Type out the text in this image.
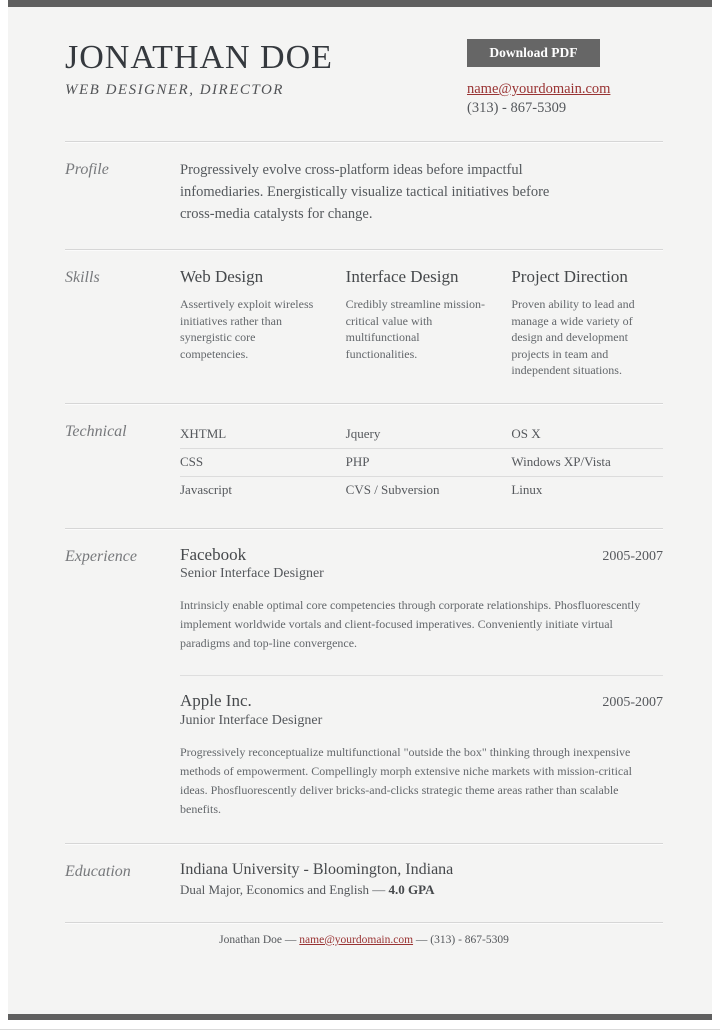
JONATHAN DOE
WEB DESIGNER, DIRECTOR
Download PDF
name@yourdomain.com
(313) - 867-5309
Profile	Progressively evolve cross-platform ideas before impactful infomediaries. Energistically visualize tactical initiatives before cross-media catalysts for change.

Skills	Web Design

Assertively exploit wireless initiatives rather than synergistic core competencies.

Interface Design

Credibly streamline mission-critical value with multifunctional functionalities.

Project Direction

Proven ability to lead and manage a wide variety of design and development projects in team and independent situations.

Technical	XHTML	Jquery	OS X
CSS	PHP	Windows XP/Vista
Javascript	CVS / Subversion	Linux
Experience	Facebook
Senior Interface Designer
2005-2007

Intrinsicly enable optimal core competencies through corporate relationships. Phosfluorescently implement worldwide vortals and client-focused imperatives. Conveniently initiate virtual paradigms and top-line convergence.

Apple Inc.
Junior Interface Designer
2005-2007

Progressively reconceptualize multifunctional "outside the box" thinking through inexpensive methods of empowerment. Compellingly morph extensive niche markets with mission-critical ideas. Phosfluorescently deliver bricks-and-clicks strategic theme areas rather than scalable benefits.

Education	Indiana University - Bloomington, Indiana

Dual Major, Economics and English — 4.0 GPA

Jonathan Doe — name@yourdomain.com — (313) - 867-5309
